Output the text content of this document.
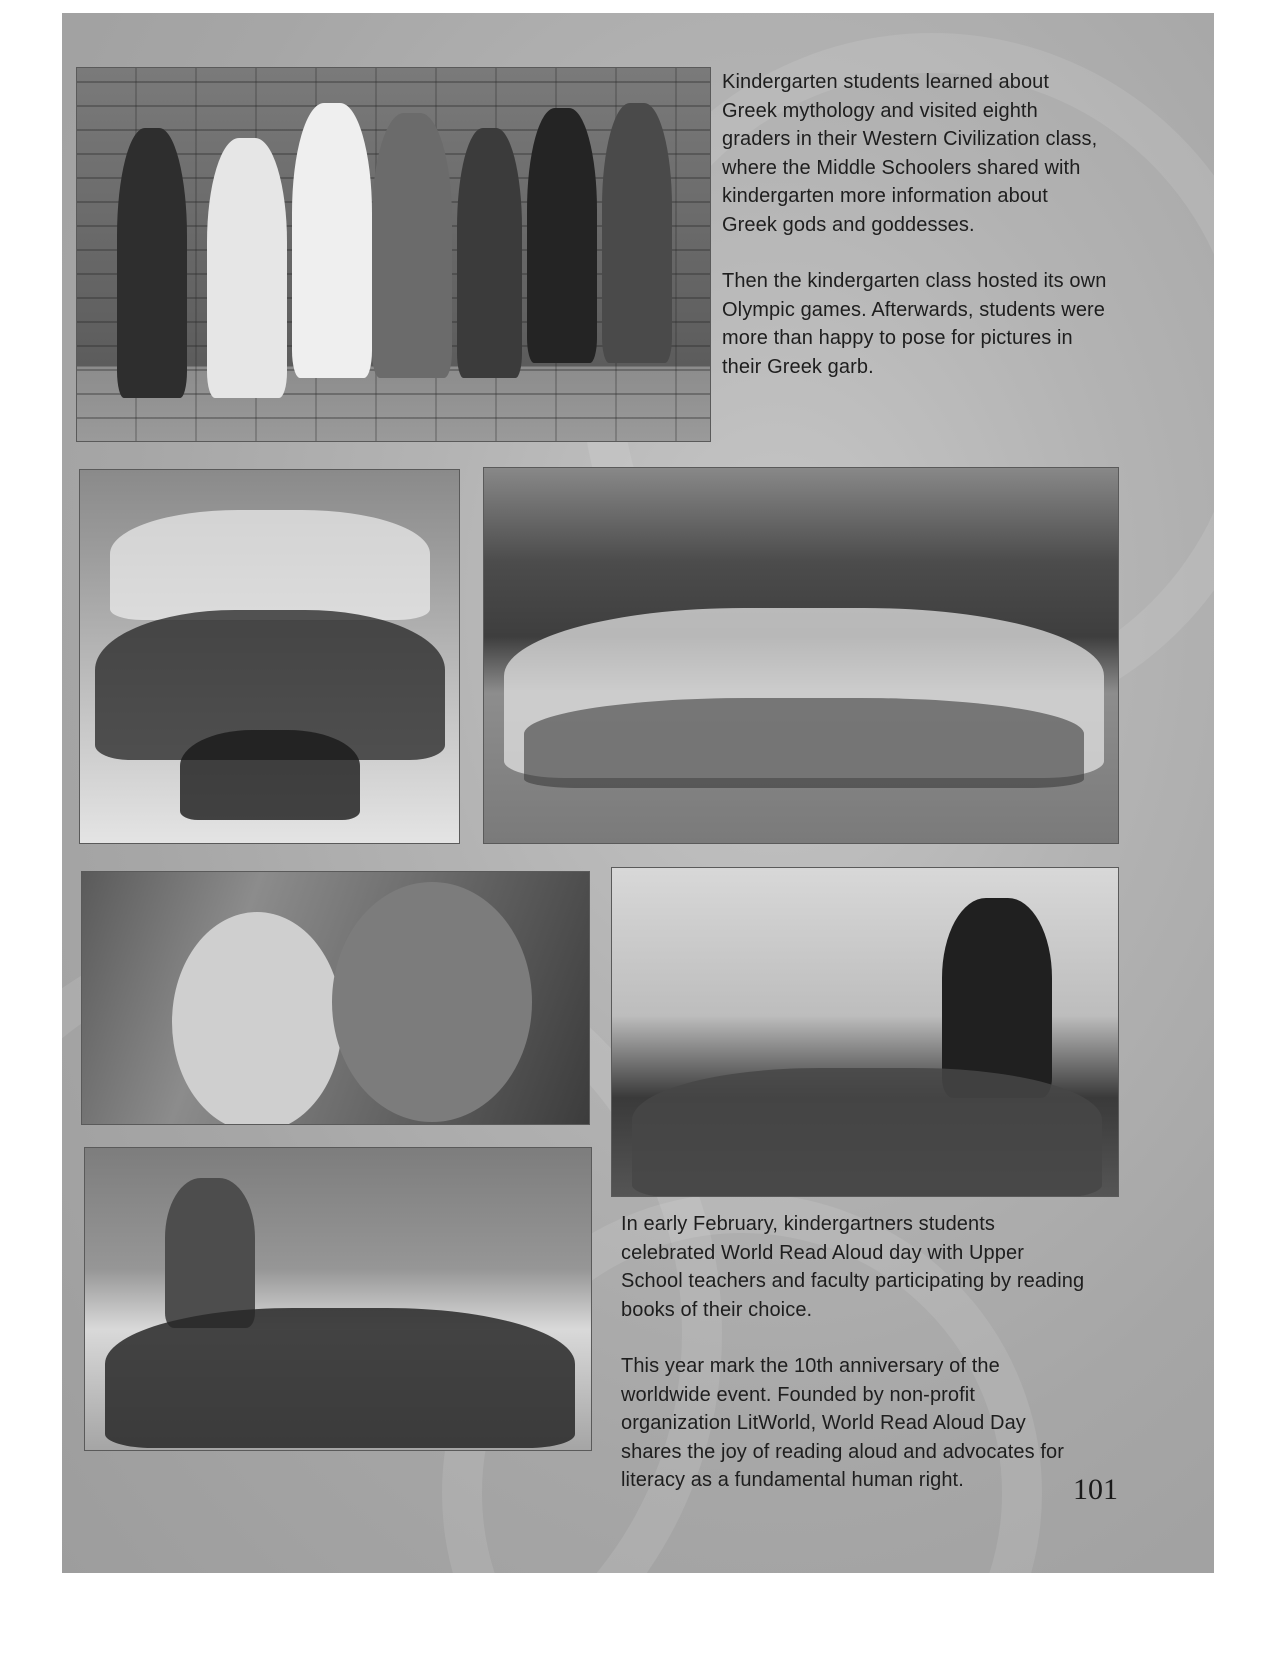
Kindergarten students learned about Greek mythology and visited eighth graders in their Western Civilization class, where the Middle Schoolers shared with kindergarten more information about Greek gods and goddesses.

Then the kindergarten class hosted its own Olympic games. Afterwards, students were more than happy to pose for pictures in their Greek garb.

In early February, kindergartners students celebrated World Read Aloud day with Upper School teachers and faculty participating by reading books of their choice.

This year mark the 10th anniversary of the worldwide event. Founded by non-profit organization LitWorld, World Read Aloud Day shares the joy of reading aloud and advocates for literacy as a fundamental human right.	101
